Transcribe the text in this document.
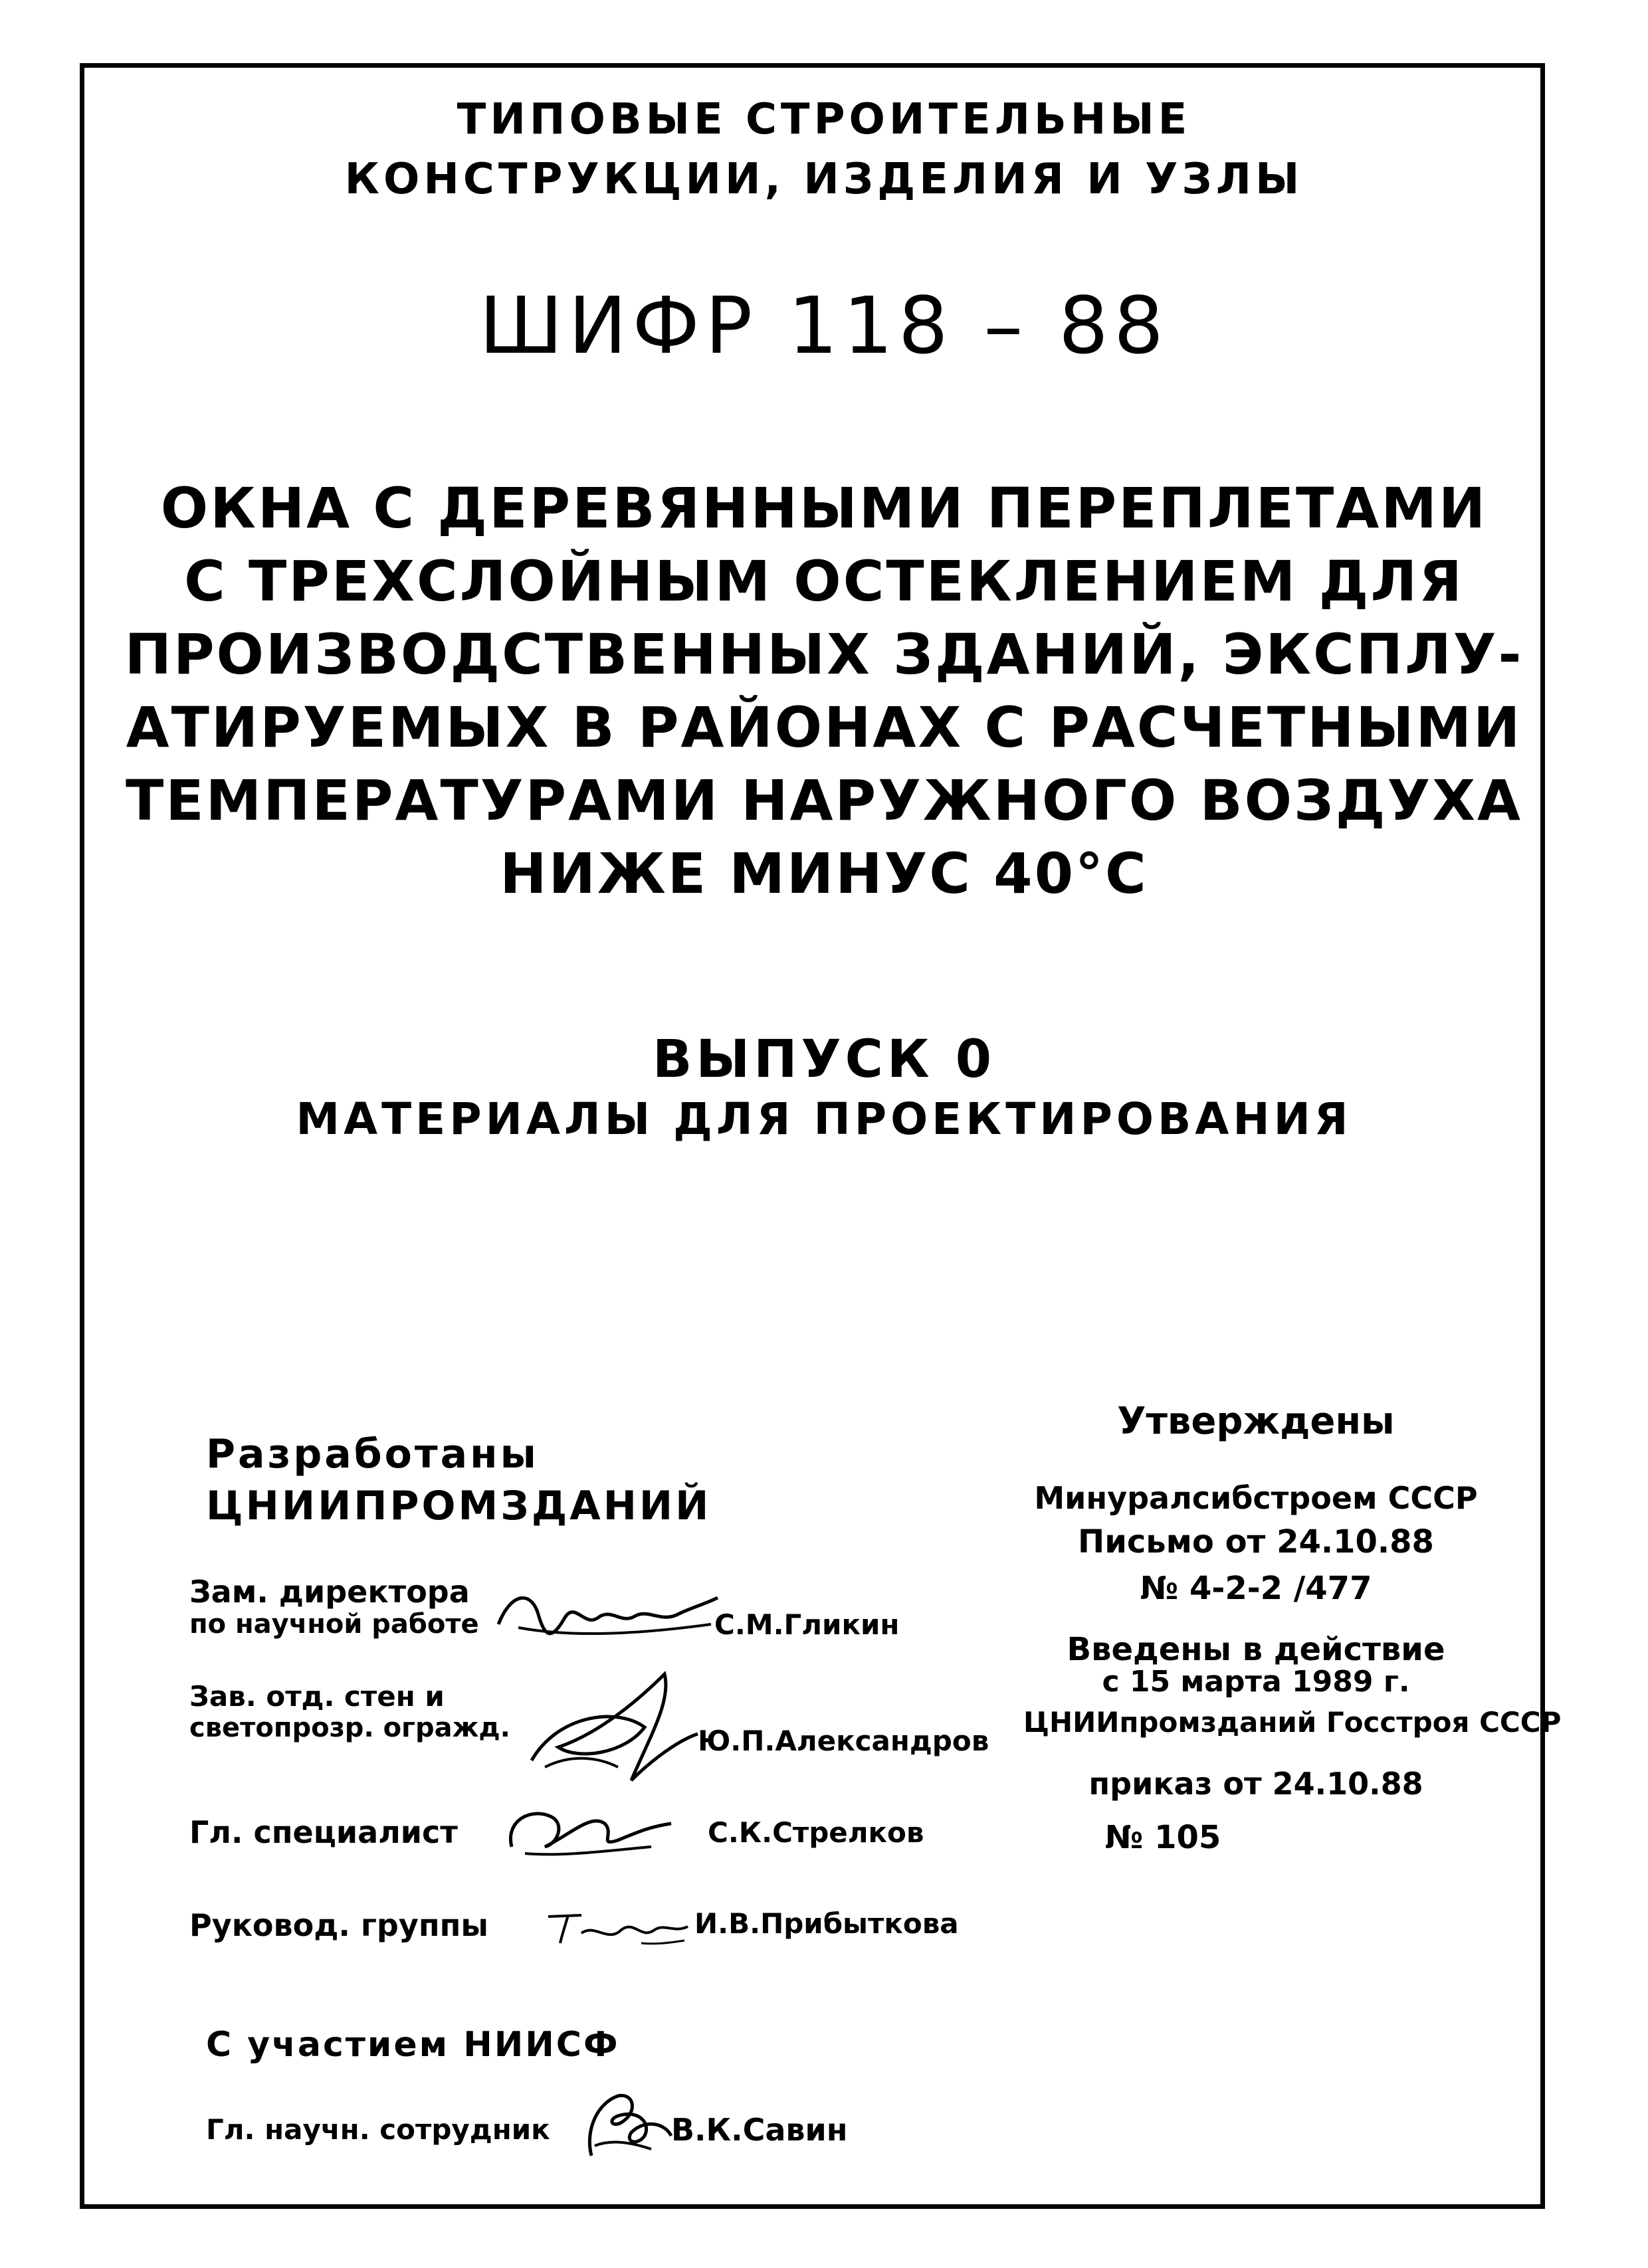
ТИПОВЫЕ СТРОИТЕЛЬНЫЕ
КОНСТРУКЦИИ, ИЗДЕЛИЯ И УЗЛЫ
ШИФР 118 – 88
ОКНА С ДЕРЕВЯННЫМИ ПЕРЕПЛЕТАМИ
С ТРЕХСЛОЙНЫМ ОСТЕКЛЕНИЕМ ДЛЯ
ПРОИЗВОДСТВЕННЫХ ЗДАНИЙ, ЭКСПЛУ-
АТИРУЕМЫХ В РАЙОНАХ С РАСЧЕТНЫМИ
ТЕМПЕРАТУРАМИ НАРУЖНОГО ВОЗДУХА
НИЖЕ МИНУС 40°С
ВЫПУСК 0
МАТЕРИАЛЫ ДЛЯ ПРОЕКТИРОВАНИЯ
Разработаны
ЦНИИПРОМЗДАНИЙ
Зам. директора
по научной работе	С.М.Гликин
Зав. отд. стен и
светопрозр. огражд.	Ю.П.Александров
Гл. специалист	С.К.Стрелков
Руковод. группы	И.В.Прибыткова
Утверждены
Минуралсибстроем СССР
Письмо от 24.10.88
№ 4-2-2 /477
Введены в действие
с 15 марта 1989 г.
ЦНИИпромзданий Госстроя СССР
приказ от 24.10.88
№ 105
С участием НИИСФ
Гл. научн. сотрудник	В.К.Савин
